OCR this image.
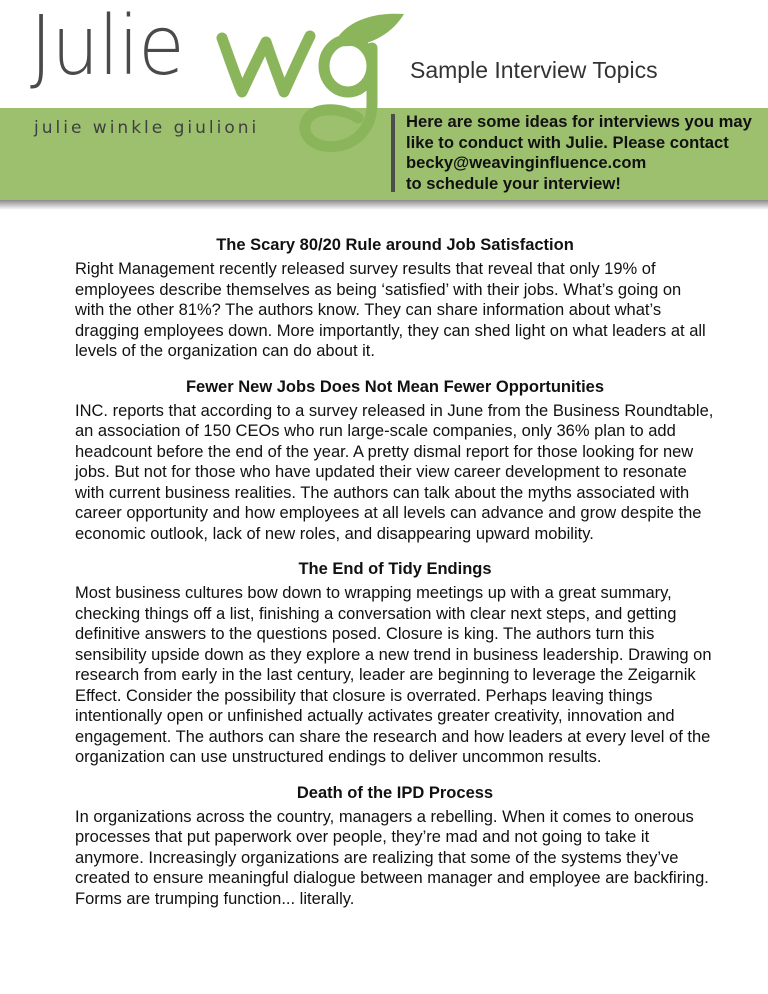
Julie
julie winkle giulioni
Sample Interview Topics
Here are some ideas for interviews you may
like to conduct with Julie. Please contact
becky@weavinginfluence.com
to schedule your interview!
The Scary 80/20 Rule around Job Satisfaction

Right Management recently released survey results that reveal that only 19% of employees describe themselves as being ‘satisfied’ with their jobs. What’s going on with the other 81%? The authors know. They can share information about what’s dragging employees down. More importantly, they can shed light on what leaders at all levels of the organization can do about it.

Fewer New Jobs Does Not Mean Fewer Opportunities

INC. reports that according to a survey released in June from the Business Roundtable, an association of 150 CEOs who run large-scale companies, only 36% plan to add headcount before the end of the year. A pretty dismal report for those looking for new jobs. But not for those who have updated their view career development to resonate with current business realities. The authors can talk about the myths associated with career opportunity and how employees at all levels can advance and grow despite the economic outlook, lack of new roles, and disappearing upward mobility.

The End of Tidy Endings

Most business cultures bow down to wrapping meetings up with a great summary, checking things off a list, finishing a conversation with clear next steps, and getting definitive answers to the questions posed. Closure is king. The authors turn this sensibility upside down as they explore a new trend in business leadership. Drawing on research from early in the last century, leader are beginning to leverage the Zeigarnik Effect. Consider the possibility that closure is overrated. Perhaps leaving things intentionally open or unfinished actually activates greater creativity, innovation and engagement. The authors can share the research and how leaders at every level of the organization can use unstructured endings to deliver uncommon results.

Death of the IPD Process

In organizations across the country, managers a rebelling. When it comes to onerous processes that put paperwork over people, they’re mad and not going to take it anymore. Increasingly organizations are realizing that some of the systems they’ve created to ensure meaningful dialogue between manager and employee are backfiring. Forms are trumping function... literally.
